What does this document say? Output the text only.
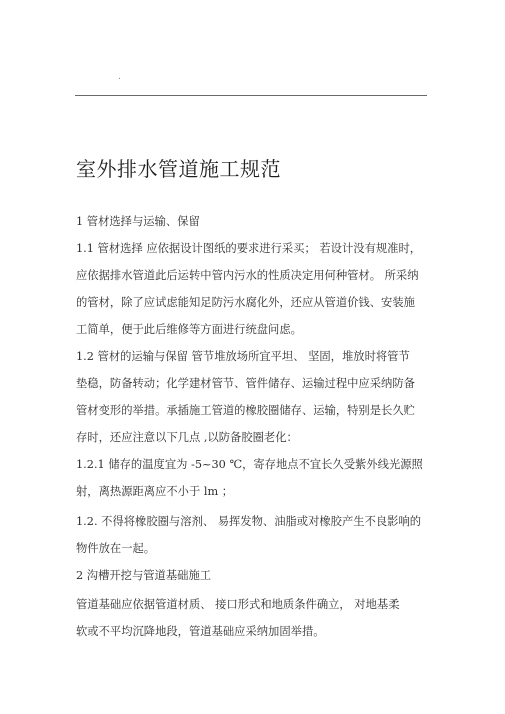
.
室外排水管道施工规范
1 管材选择与运输、保留
1.1 管材选择 应依据设计图纸的要求进行采买； 若设计没有规准时，
应依据排水管道此后运转中管内污水的性质决定用何种管材。 所采纳
的管材，除了应试虑能知足防污水腐化外，还应从管道价钱、安装施
工简单，便于此后维修等方面进行统盘问虑。
1.2 管材的运输与保留 管节堆放场所宜平坦、 坚固，堆放时将管节
垫稳，防备转动；化学建材管节、管件储存、运输过程中应采纳防备
管材变形的举措。承插施工管道的橡胶圈储存、运输，特别是长久贮
存时，还应注意以下几点 ,以防备胶圈老化：
1.2.1 储存的温度宜为 -5~30 ℃，寄存地点不宜长久受紫外线光源照
射，离热源距离应不小于 lm ；
1.2. 不得将橡胶圈与溶剂、 易挥发物、油脂或对橡胶产生不良影响的
物件放在一起。
2 沟槽开挖与管道基础施工
管道基础应依据管道材质、 接口形式和地质条件确立， 对地基柔
软或不平均沉降地段，管道基础应采纳加固举措。
